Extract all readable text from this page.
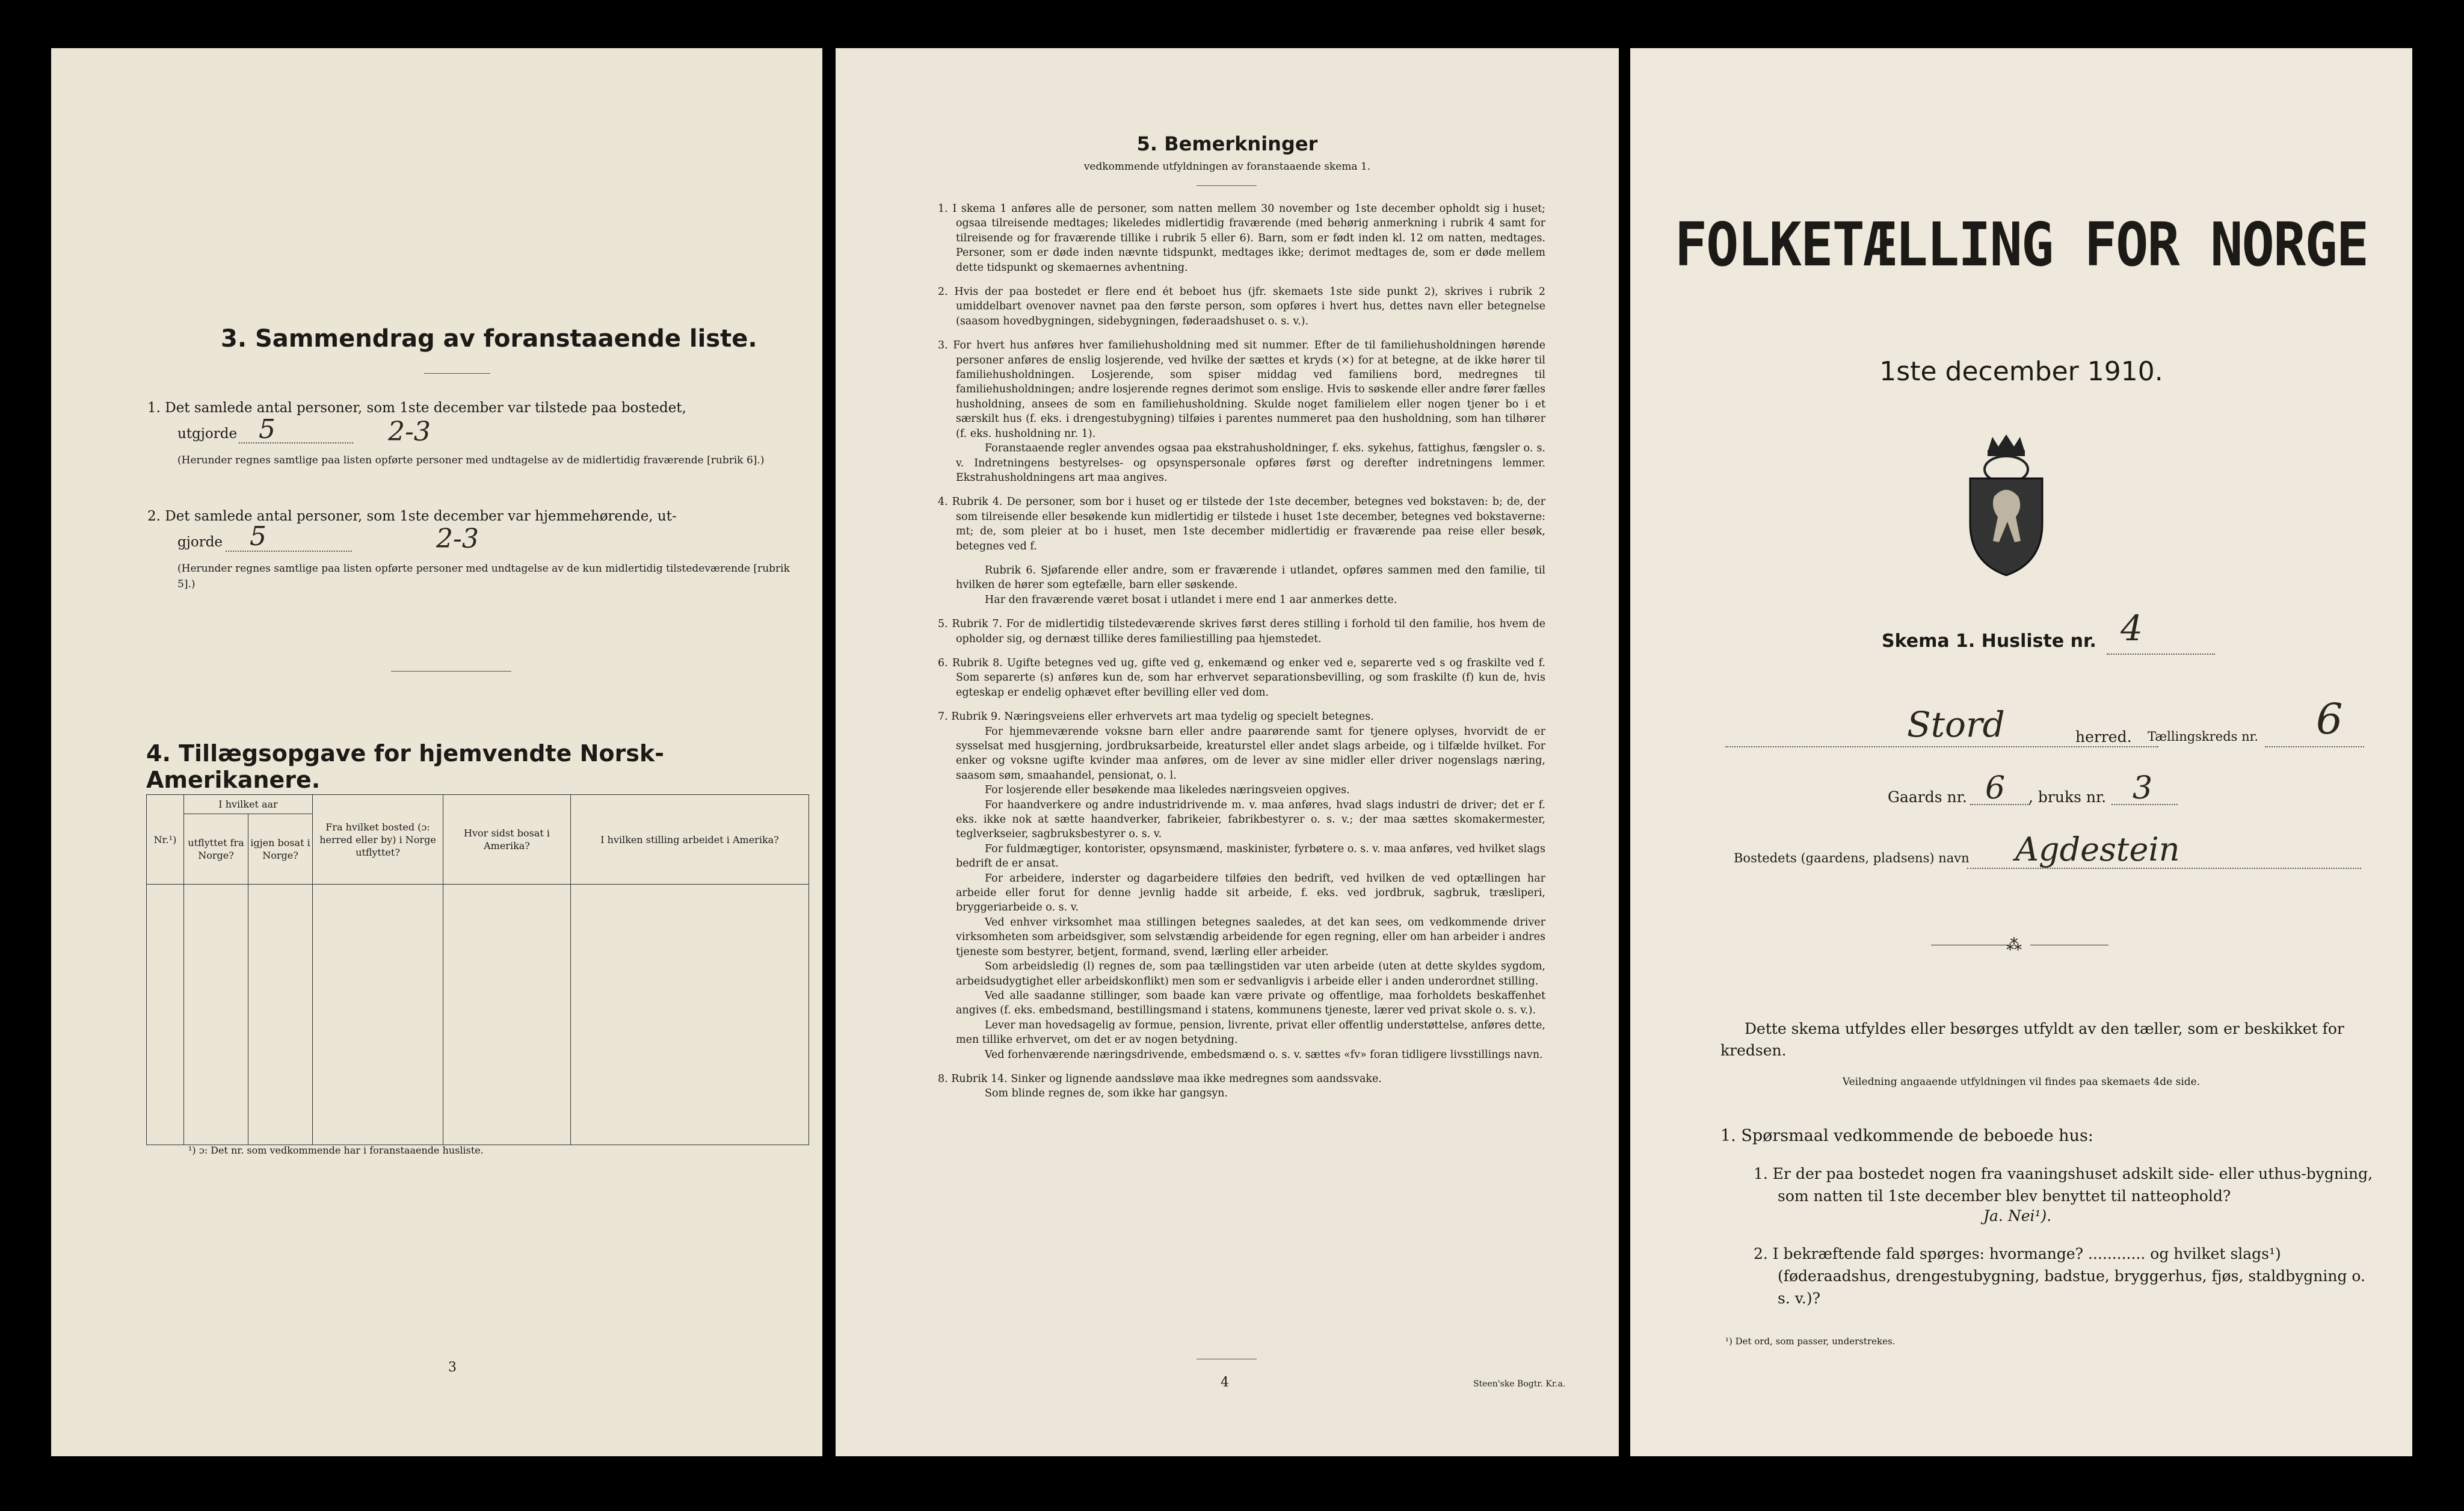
3. Sammendrag av foranstaaende liste.
1. Det samlede antal personer, som 1ste december var tilstede paa bostedet,
utgjorde 5	2-3
(Herunder regnes samtlige paa listen opførte personer med undtagelse av de midlertidig fraværende [rubrik 6].)
2. Det samlede antal personer, som 1ste december var hjemmehørende, ut-
gjorde 5	2-3
(Herunder regnes samtlige paa listen opførte personer med undtagelse av de kun midlertidig tilstedeværende [rubrik 5].)
4. Tillægsopgave for hjemvendte Norsk-Amerikanere.
Nr.¹)	I hvilket aar		Fra hvilket bosted (ɔ: herred eller by) i Norge utflyttet?	Hvor sidst bosat i Amerika?	I hvilken stilling arbeidet i Amerika?
	utflyttet fra Norge?	igjen bosat i Norge?			

¹) ɔ: Det nr. som vedkommende har i foranstaaende husliste.
3
5. Bemerkninger
vedkommende utfyldningen av foranstaaende skema 1.

1. I skema 1 anføres alle de personer, som natten mellem 30 november og 1ste december opholdt sig i huset; ogsaa tilreisende medtages; likeledes midlertidig fraværende (med behørig anmerkning i rubrik 4 samt for tilreisende og for fraværende tillike i rubrik 5 eller 6). Barn, som er født inden kl. 12 om natten, medtages. Personer, som er døde inden nævnte tidspunkt, medtages ikke; derimot medtages de, som er døde mellem dette tidspunkt og skemaernes avhentning.

2. Hvis der paa bostedet er flere end ét beboet hus (jfr. skemaets 1ste side punkt 2), skrives i rubrik 2 umiddelbart ovenover navnet paa den første person, som opføres i hvert hus, dettes navn eller betegnelse (saasom hovedbygningen, sidebygningen, føderaadshuset o. s. v.).

3. For hvert hus anføres hver familiehusholdning med sit nummer. Efter de til familiehusholdningen hørende personer anføres de enslig losjerende, ved hvilke der sættes et kryds (×) for at betegne, at de ikke hører til familiehusholdningen. Losjerende, som spiser middag ved familiens bord, medregnes til familiehusholdningen; andre losjerende regnes derimot som enslige. Hvis to søskende eller andre fører fælles husholdning, ansees de som en familiehusholdning. Skulde noget familielem eller nogen tjener bo i et særskilt hus (f. eks. i drengestubygning) tilføies i parentes nummeret paa den husholdning, som han tilhører (f. eks. husholdning nr. 1).

Foranstaaende regler anvendes ogsaa paa ekstrahusholdninger, f. eks. sykehus, fattighus, fængsler o. s. v. Indretningens bestyrelses- og opsynspersonale opføres først og derefter indretningens lemmer. Ekstrahusholdningens art maa angives.

4. Rubrik 4. De personer, som bor i huset og er tilstede der 1ste december, betegnes ved bokstaven: b; de, der som tilreisende eller besøkende kun midlertidig er tilstede i huset 1ste december, betegnes ved bokstaverne: mt; de, som pleier at bo i huset, men 1ste december midlertidig er fraværende paa reise eller besøk, betegnes ved f.

Rubrik 6. Sjøfarende eller andre, som er fraværende i utlandet, opføres sammen med den familie, til hvilken de hører som egtefælle, barn eller søskende.

Har den fraværende været bosat i utlandet i mere end 1 aar anmerkes dette.

5. Rubrik 7. For de midlertidig tilstedeværende skrives først deres stilling i forhold til den familie, hos hvem de opholder sig, og dernæst tillike deres familiestilling paa hjemstedet.

6. Rubrik 8. Ugifte betegnes ved ug, gifte ved g, enkemænd og enker ved e, separerte ved s og fraskilte ved f. Som separerte (s) anføres kun de, som har erhvervet separationsbevilling, og som fraskilte (f) kun de, hvis egteskap er endelig ophævet efter bevilling eller ved dom.

7. Rubrik 9. Næringsveiens eller erhvervets art maa tydelig og specielt betegnes.

For hjemmeværende voksne barn eller andre paarørende samt for tjenere oplyses, hvorvidt de er sysselsat med husgjerning, jordbruksarbeide, kreaturstel eller andet slags arbeide, og i tilfælde hvilket. For enker og voksne ugifte kvinder maa anføres, om de lever av sine midler eller driver nogenslags næring, saasom søm, smaahandel, pensionat, o. l.

For losjerende eller besøkende maa likeledes næringsveien opgives.

For haandverkere og andre industridrivende m. v. maa anføres, hvad slags industri de driver; det er f. eks. ikke nok at sætte haandverker, fabrikeier, fabrikbestyrer o. s. v.; der maa sættes skomakermester, teglverkseier, sagbruksbestyrer o. s. v.

For fuldmægtiger, kontorister, opsynsmænd, maskinister, fyrbøtere o. s. v. maa anføres, ved hvilket slags bedrift de er ansat.

For arbeidere, inderster og dagarbeidere tilføies den bedrift, ved hvilken de ved optællingen har arbeide eller forut for denne jevnlig hadde sit arbeide, f. eks. ved jordbruk, sagbruk, træsliperi, bryggeriarbeide o. s. v.

Ved enhver virksomhet maa stillingen betegnes saaledes, at det kan sees, om vedkommende driver virksomheten som arbeidsgiver, som selvstændig arbeidende for egen regning, eller om han arbeider i andres tjeneste som bestyrer, betjent, formand, svend, lærling eller arbeider.

Som arbeidsledig (l) regnes de, som paa tællingstiden var uten arbeide (uten at dette skyldes sygdom, arbeidsudygtighet eller arbeidskonflikt) men som er sedvanligvis i arbeide eller i anden underordnet stilling.

Ved alle saadanne stillinger, som baade kan være private og offentlige, maa forholdets beskaffenhet angives (f. eks. embedsmand, bestillingsmand i statens, kommunens tjeneste, lærer ved privat skole o. s. v.).

Lever man hovedsagelig av formue, pension, livrente, privat eller offentlig understøttelse, anføres dette, men tillike erhvervet, om det er av nogen betydning.

Ved forhenværende næringsdrivende, embedsmænd o. s. v. sættes «fv» foran tidligere livsstillings navn.

8. Rubrik 14. Sinker og lignende aandssløve maa ikke medregnes som aandssvake.

Som blinde regnes de, som ikke har gangsyn.

4	Steen'ske Bogtr. Kr.a.
FOLKETÆLLING FOR NORGE
1ste december 1910.
Skema 1. Husliste nr. 4
Stord	herred. Tællingskreds nr. 6
Gaards nr. 6 , bruks nr. 3
Bostedets (gaardens, pladsens) navn Agdestein
⁂
Dette skema utfyldes eller besørges utfyldt av den tæller, som er beskikket for kredsen.
Veiledning angaaende utfyldningen vil findes paa skemaets 4de side.
1. Spørsmaal vedkommende de beboede hus:
1. Er der paa bostedet nogen fra vaaningshuset adskilt side- eller uthus-bygning, som natten til 1ste december blev benyttet til natteophold?
Ja. Nei¹).
2. I bekræftende fald spørges: hvormange? ............ og hvilket slags¹) (føderaadshus, drengestubygning, badstue, bryggerhus, fjøs, staldbygning o. s. v.)?
¹) Det ord, som passer, understrekes.
